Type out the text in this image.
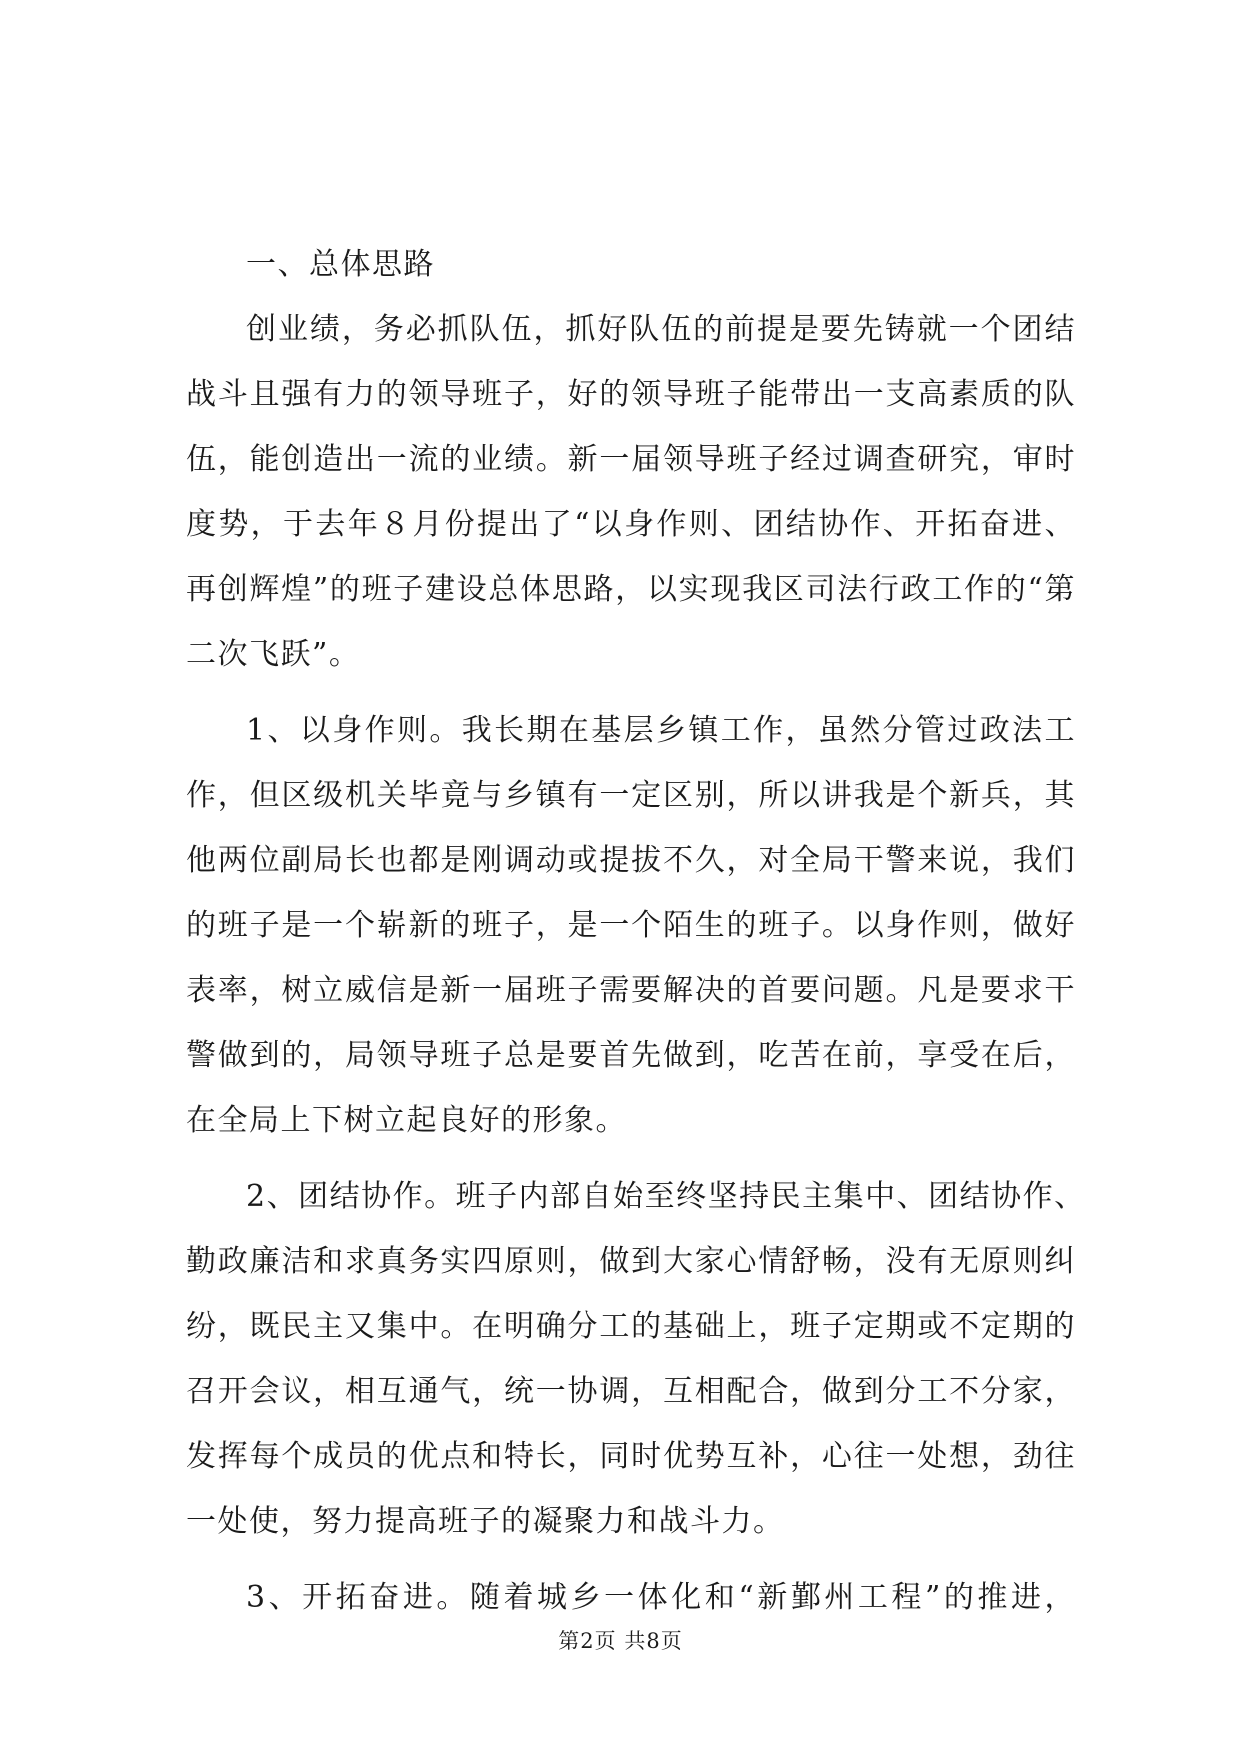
一、总体思路
创业绩，务必抓队伍，抓好队伍的前提是要先铸就一个团结
战斗且强有力的领导班子，好的领导班子能带出一支高素质的队
伍，能创造出一流的业绩。新一届领导班子经过调查研究，审时
度势，于去年８月份提出了“以身作则、团结协作、开拓奋进、
再创辉煌”的班子建设总体思路，以实现我区司法行政工作的“第
二次飞跃”。
1、以身作则。我长期在基层乡镇工作，虽然分管过政法工
作，但区级机关毕竟与乡镇有一定区别，所以讲我是个新兵，其
他两位副局长也都是刚调动或提拔不久，对全局干警来说，我们
的班子是一个崭新的班子，是一个陌生的班子。以身作则，做好
表率，树立威信是新一届班子需要解决的首要问题。凡是要求干
警做到的，局领导班子总是要首先做到，吃苦在前，享受在后，
在全局上下树立起良好的形象。
2、团结协作。班子内部自始至终坚持民主集中、团结协作、
勤政廉洁和求真务实四原则，做到大家心情舒畅，没有无原则纠
纷，既民主又集中。在明确分工的基础上，班子定期或不定期的
召开会议，相互通气，统一协调，互相配合，做到分工不分家，
发挥每个成员的优点和特长，同时优势互补，心往一处想，劲往
一处使，努力提高班子的凝聚力和战斗力。
3、开拓奋进。随着城乡一体化和“新鄞州工程”的推进，
第2页 共8页
